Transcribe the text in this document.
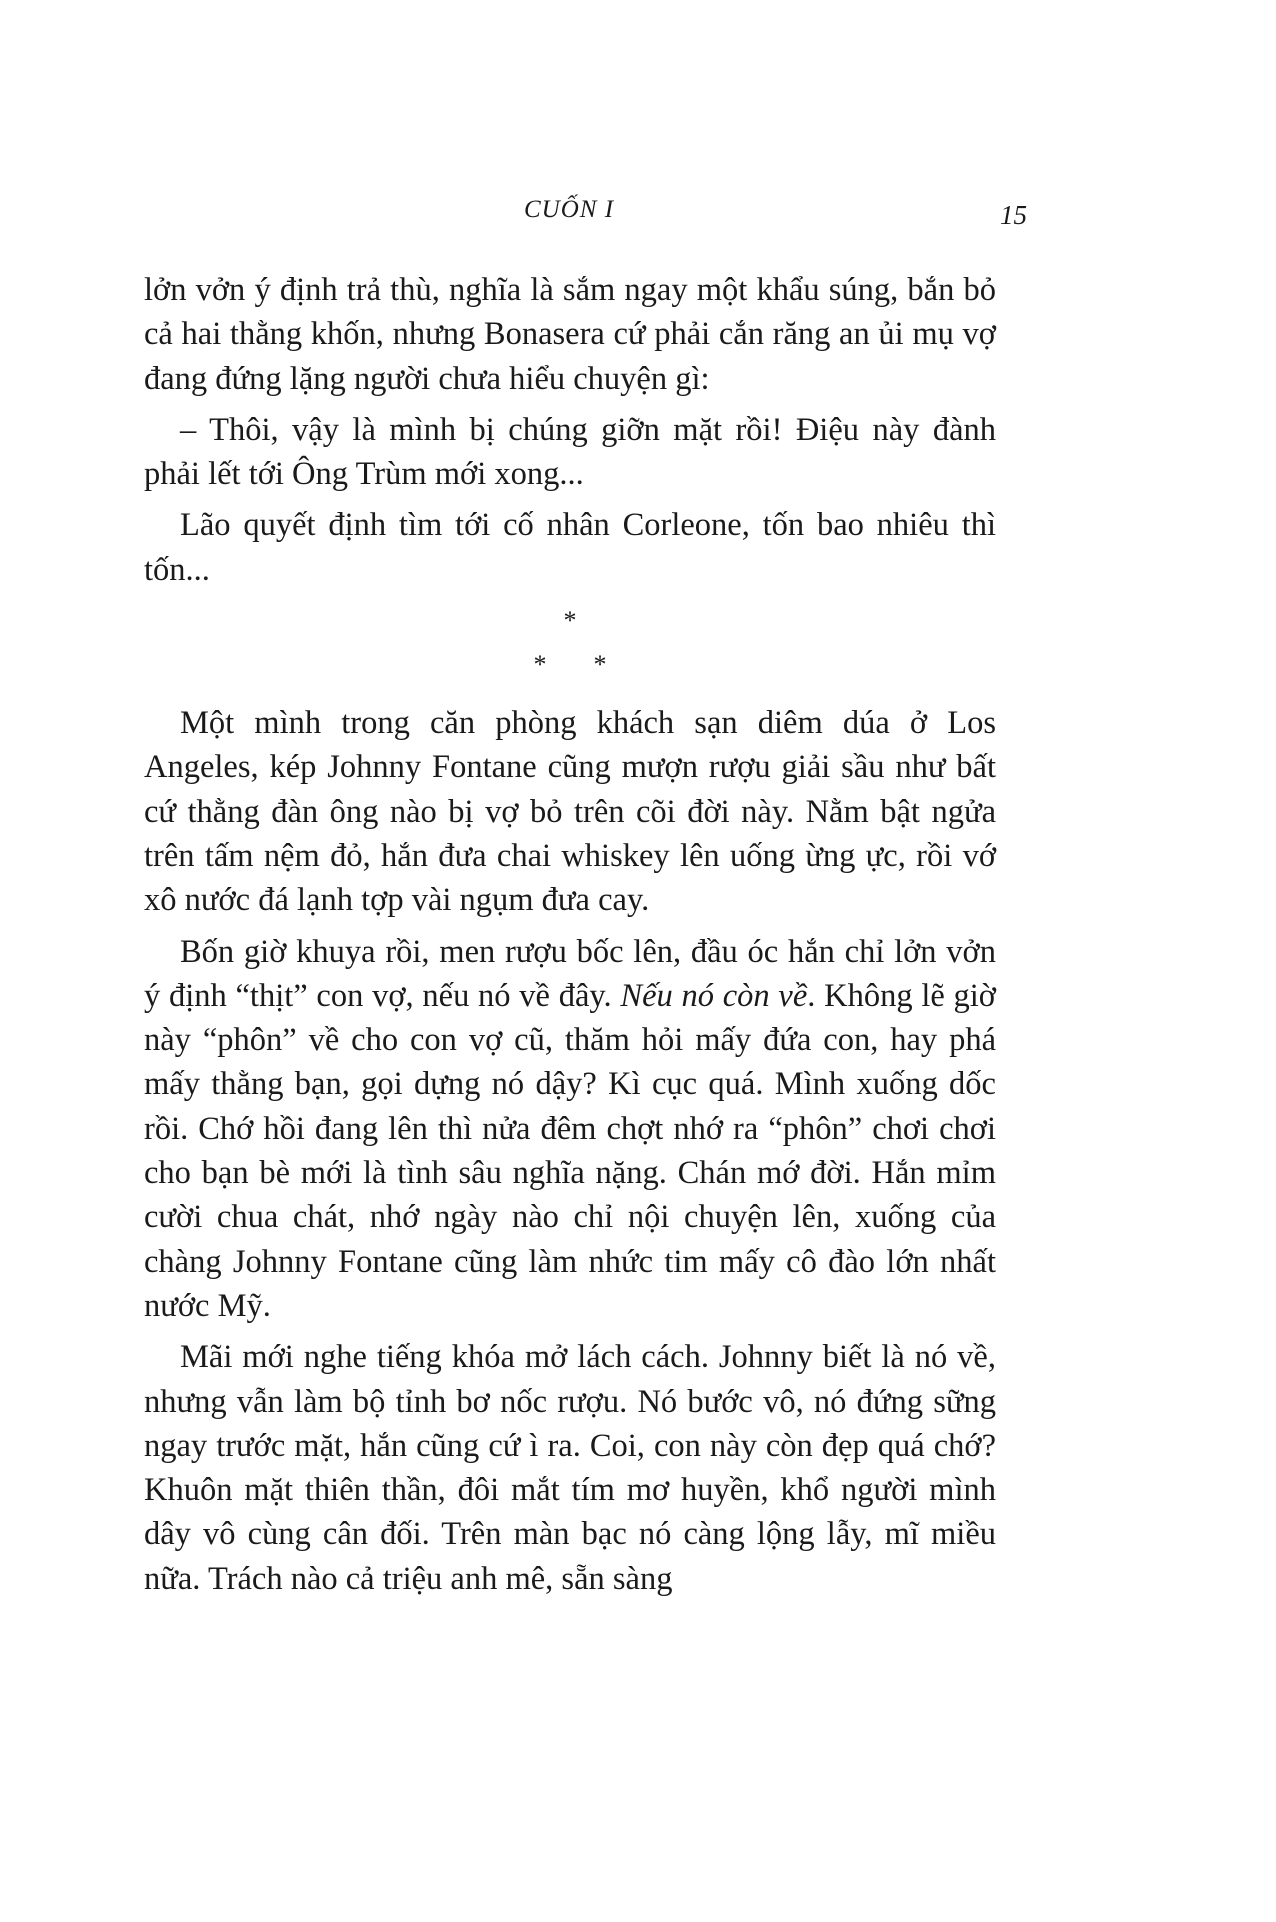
CUỐN I	15

lởn vởn ý định trả thù, nghĩa là sắm ngay một khẩu súng, bắn bỏ cả hai thằng khốn, nhưng Bonasera cứ phải cắn răng an ủi mụ vợ đang đứng lặng người chưa hiểu chuyện gì:

– Thôi, vậy là mình bị chúng giỡn mặt rồi! Điệu này đành phải lết tới Ông Trùm mới xong...

Lão quyết định tìm tới cố nhân Corleone, tốn bao nhiêu thì tốn...

*
* *

Một mình trong căn phòng khách sạn diêm dúa ở Los Angeles, kép Johnny Fontane cũng mượn rượu giải sầu như bất cứ thằng đàn ông nào bị vợ bỏ trên cõi đời này. Nằm bật ngửa trên tấm nệm đỏ, hắn đưa chai whiskey lên uống ừng ực, rồi vớ xô nước đá lạnh tợp vài ngụm đưa cay.

Bốn giờ khuya rồi, men rượu bốc lên, đầu óc hắn chỉ lởn vởn ý định “thịt” con vợ, nếu nó về đây. Nếu nó còn về. Không lẽ giờ này “phôn” về cho con vợ cũ, thăm hỏi mấy đứa con, hay phá mấy thằng bạn, gọi dựng nó dậy? Kì cục quá. Mình xuống dốc rồi. Chớ hồi đang lên thì nửa đêm chợt nhớ ra “phôn” chơi chơi cho bạn bè mới là tình sâu nghĩa nặng. Chán mớ đời. Hắn mỉm cười chua chát, nhớ ngày nào chỉ nội chuyện lên, xuống của chàng Johnny Fontane cũng làm nhức tim mấy cô đào lớn nhất nước Mỹ.

Mãi mới nghe tiếng khóa mở lách cách. Johnny biết là nó về, nhưng vẫn làm bộ tỉnh bơ nốc rượu. Nó bước vô, nó đứng sững ngay trước mặt, hắn cũng cứ ì ra. Coi, con này còn đẹp quá chớ? Khuôn mặt thiên thần, đôi mắt tím mơ huyền, khổ người mình dây vô cùng cân đối. Trên màn bạc nó càng lộng lẫy, mĩ miều nữa. Trách nào cả triệu anh mê, sẵn sàng
